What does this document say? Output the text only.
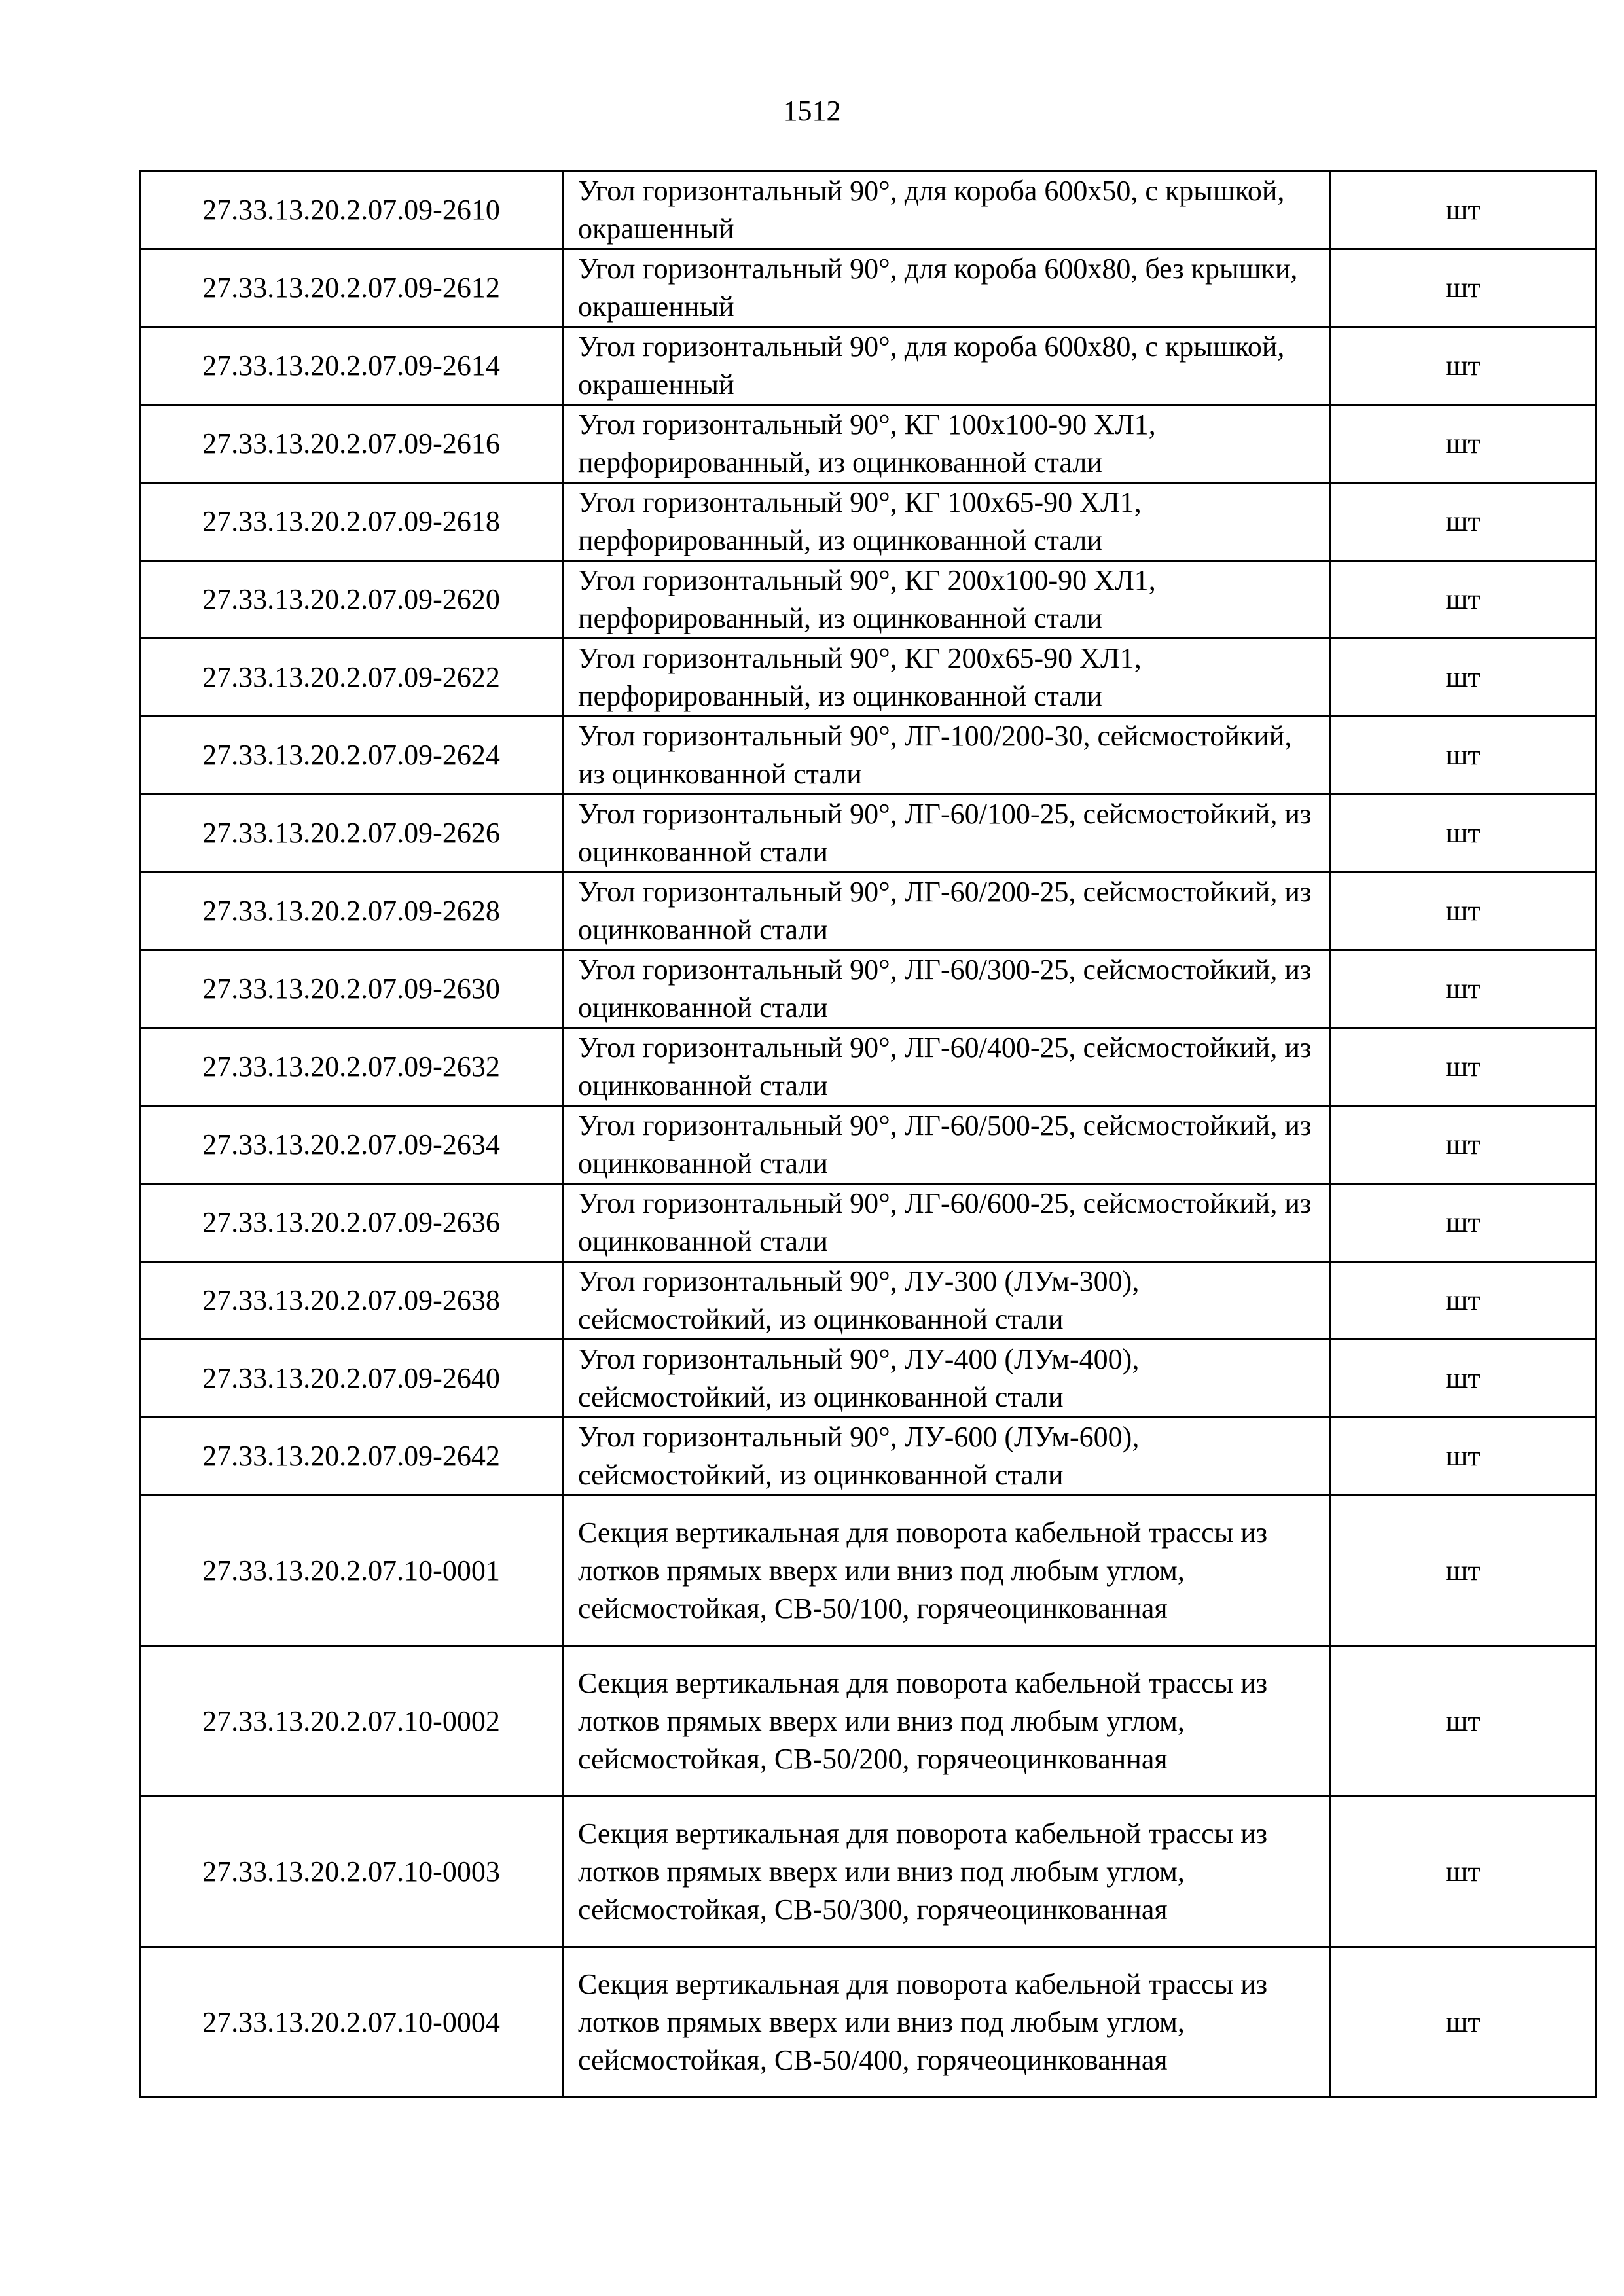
1512
27.33.13.20.2.07.09-2610	Угол горизонтальный 90°, для короба 600х50, с крышкой, окрашенный	шт
27.33.13.20.2.07.09-2612	Угол горизонтальный 90°, для короба 600х80, без крышки, окрашенный	шт
27.33.13.20.2.07.09-2614	Угол горизонтальный 90°, для короба 600х80, с крышкой, окрашенный	шт
27.33.13.20.2.07.09-2616	Угол горизонтальный 90°, КГ 100х100-90 ХЛ1, перфорированный, из оцинкованной стали	шт
27.33.13.20.2.07.09-2618	Угол горизонтальный 90°, КГ 100х65-90 ХЛ1, перфорированный, из оцинкованной стали	шт
27.33.13.20.2.07.09-2620	Угол горизонтальный 90°, КГ 200х100-90 ХЛ1, перфорированный, из оцинкованной стали	шт
27.33.13.20.2.07.09-2622	Угол горизонтальный 90°, КГ 200х65-90 ХЛ1, перфорированный, из оцинкованной стали	шт
27.33.13.20.2.07.09-2624	Угол горизонтальный 90°, ЛГ-100/200-30, сейсмостойкий, из оцинкованной стали	шт
27.33.13.20.2.07.09-2626	Угол горизонтальный 90°, ЛГ-60/100-25, сейсмостойкий, из оцинкованной стали	шт
27.33.13.20.2.07.09-2628	Угол горизонтальный 90°, ЛГ-60/200-25, сейсмостойкий, из оцинкованной стали	шт
27.33.13.20.2.07.09-2630	Угол горизонтальный 90°, ЛГ-60/300-25, сейсмостойкий, из оцинкованной стали	шт
27.33.13.20.2.07.09-2632	Угол горизонтальный 90°, ЛГ-60/400-25, сейсмостойкий, из оцинкованной стали	шт
27.33.13.20.2.07.09-2634	Угол горизонтальный 90°, ЛГ-60/500-25, сейсмостойкий, из оцинкованной стали	шт
27.33.13.20.2.07.09-2636	Угол горизонтальный 90°, ЛГ-60/600-25, сейсмостойкий, из оцинкованной стали	шт
27.33.13.20.2.07.09-2638	Угол горизонтальный 90°, ЛУ-300 (ЛУм-300), сейсмостойкий, из оцинкованной стали	шт
27.33.13.20.2.07.09-2640	Угол горизонтальный 90°, ЛУ-400 (ЛУм-400), сейсмостойкий, из оцинкованной стали	шт
27.33.13.20.2.07.09-2642	Угол горизонтальный 90°, ЛУ-600 (ЛУм-600), сейсмостойкий, из оцинкованной стали	шт
27.33.13.20.2.07.10-0001	Секция вертикальная для поворота кабельной трассы из лотков прямых вверх или вниз под любым углом, сейсмостойкая, СВ-50/100, горячеоцинкованная	шт
27.33.13.20.2.07.10-0002	Секция вертикальная для поворота кабельной трассы из лотков прямых вверх или вниз под любым углом, сейсмостойкая, СВ-50/200, горячеоцинкованная	шт
27.33.13.20.2.07.10-0003	Секция вертикальная для поворота кабельной трассы из лотков прямых вверх или вниз под любым углом, сейсмостойкая, СВ-50/300, горячеоцинкованная	шт
27.33.13.20.2.07.10-0004	Секция вертикальная для поворота кабельной трассы из лотков прямых вверх или вниз под любым углом, сейсмостойкая, СВ-50/400, горячеоцинкованная	шт
